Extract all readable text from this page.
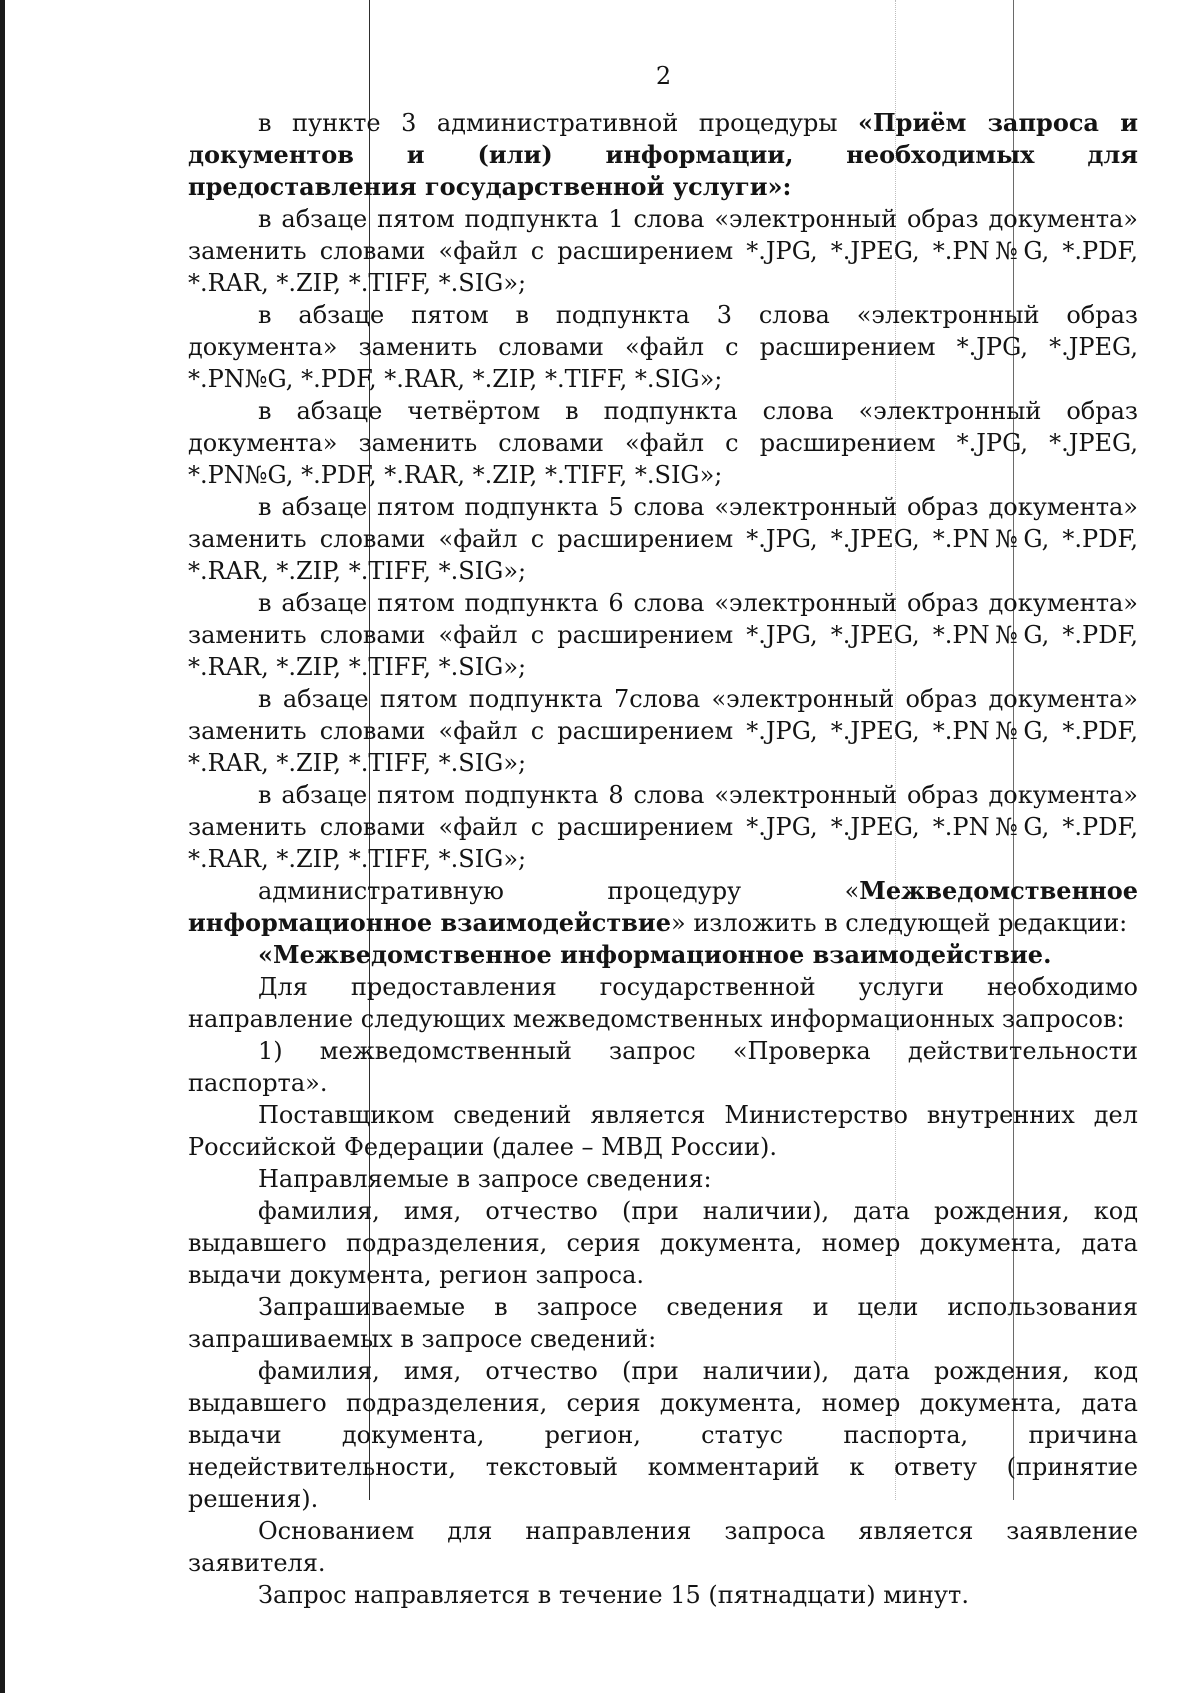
2

в пункте 3 административной процедуры «Приём запроса и документов и (или) информации, необходимых для предоставления государственной услуги»:

в абзаце пятом подпункта 1 слова «электронный образ документа» заменить словами «файл с расширением *.JPG, *.JPEG, *.PN№G, *.PDF, *.RAR, *.ZIP, *.TIFF, *.SIG»;

в абзаце пятом в подпункта 3 слова «электронный образ документа» заменить словами «файл с расширением *.JPG, *.JPEG, *.PN№G, *.PDF, *.RAR, *.ZIP, *.TIFF, *.SIG»;

в абзаце четвёртом в подпункта слова «электронный образ документа» заменить словами «файл с расширением *.JPG, *.JPEG, *.PN№G, *.PDF, *.RAR, *.ZIP, *.TIFF, *.SIG»;

в абзаце пятом подпункта 5 слова «электронный образ документа» заменить словами «файл с расширением *.JPG, *.JPEG, *.PN№G, *.PDF, *.RAR, *.ZIP, *.TIFF, *.SIG»;

в абзаце пятом подпункта 6 слова «электронный образ документа» заменить словами «файл с расширением *.JPG, *.JPEG, *.PN№G, *.PDF, *.RAR, *.ZIP, *.TIFF, *.SIG»;

в абзаце пятом подпункта 7слова «электронный образ документа» заменить словами «файл с расширением *.JPG, *.JPEG, *.PN№G, *.PDF, *.RAR, *.ZIP, *.TIFF, *.SIG»;

в абзаце пятом подпункта 8 слова «электронный образ документа» заменить словами «файл с расширением *.JPG, *.JPEG, *.PN№G, *.PDF, *.RAR, *.ZIP, *.TIFF, *.SIG»;

административную процедуру «Межведомственное информационное взаимодействие» изложить в следующей редакции:

«Межведомственное информационное взаимодействие.

Для предоставления государственной услуги необходимо направление следующих межведомственных информационных запросов:

1) межведомственный запрос «Проверка действительности паспорта».

Поставщиком сведений является Министерство внутренних дел Российской Федерации (далее – МВД России).

Направляемые в запросе сведения:

фамилия, имя, отчество (при наличии), дата рождения, код выдавшего подразделения, серия документа, номер документа, дата выдачи документа, регион запроса.

Запрашиваемые в запросе сведения и цели использования запрашиваемых в запросе сведений:

фамилия, имя, отчество (при наличии), дата рождения, код выдавшего подразделения, серия документа, номер документа, дата выдачи документа, регион, статус паспорта, причина недействительности, текстовый комментарий к ответу (принятие решения).

Основанием для направления запроса является заявление заявителя.

Запрос направляется в течение 15 (пятнадцати) минут.
